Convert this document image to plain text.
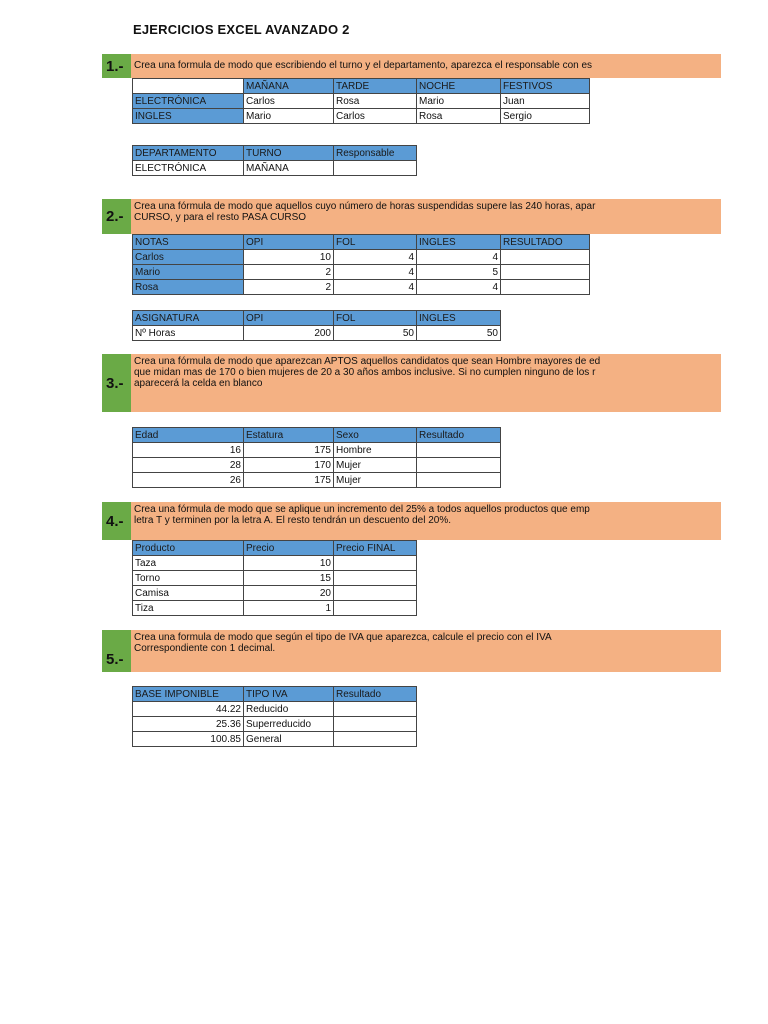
EJERCICIOS EXCEL AVANZADO 2
1.-	Crea una formula de modo que escribiendo el turno y el departamento, aparezca el responsable con es
	MAÑANA	TARDE	NOCHE	FESTIVOS
ELECTRÓNICA	Carlos	Rosa	Mario	Juan
INGLES	Mario	Carlos	Rosa	Sergio
DEPARTAMENTO	TURNO	Responsable
ELECTRÓNICA	MAÑANA	
2.-
Crea una fórmula de modo que aquellos cuyo número de horas suspendidas supere las 240 horas, apar
CURSO, y para el resto PASA CURSO
NOTAS	OPI	FOL	INGLES	RESULTADO
Carlos	10	4	4	
Mario	2	4	5	
Rosa	2	4	4	
ASIGNATURA	OPI	FOL	INGLES
Nº Horas	200	50	50
3.-
Crea una fórmula de modo que aparezcan APTOS aquellos candidatos que sean Hombre mayores de ed
que midan mas de 170 o bien mujeres de 20 a 30 años ambos inclusive. Si no cumplen ninguno de los r
aparecerá la celda en blanco
Edad	Estatura	Sexo	Resultado
16	175	Hombre	
28	170	Mujer	
26	175	Mujer	
4.-
Crea una fórmula de modo que se aplique un incremento del 25% a todos aquellos productos que emp
letra T y terminen por la letra A. El resto tendrán un descuento del 20%.
Producto	Precio	Precio FINAL
Taza	10	
Torno	15	
Camisa	20	
Tiza	1	
5.-
Crea una formula de modo que según el tipo de IVA que aparezca, calcule el precio con el IVA
Correspondiente con 1 decimal.
BASE IMPONIBLE	TIPO IVA	Resultado
44.22	Reducido	
25.36	Superreducido	
100.85	General	
